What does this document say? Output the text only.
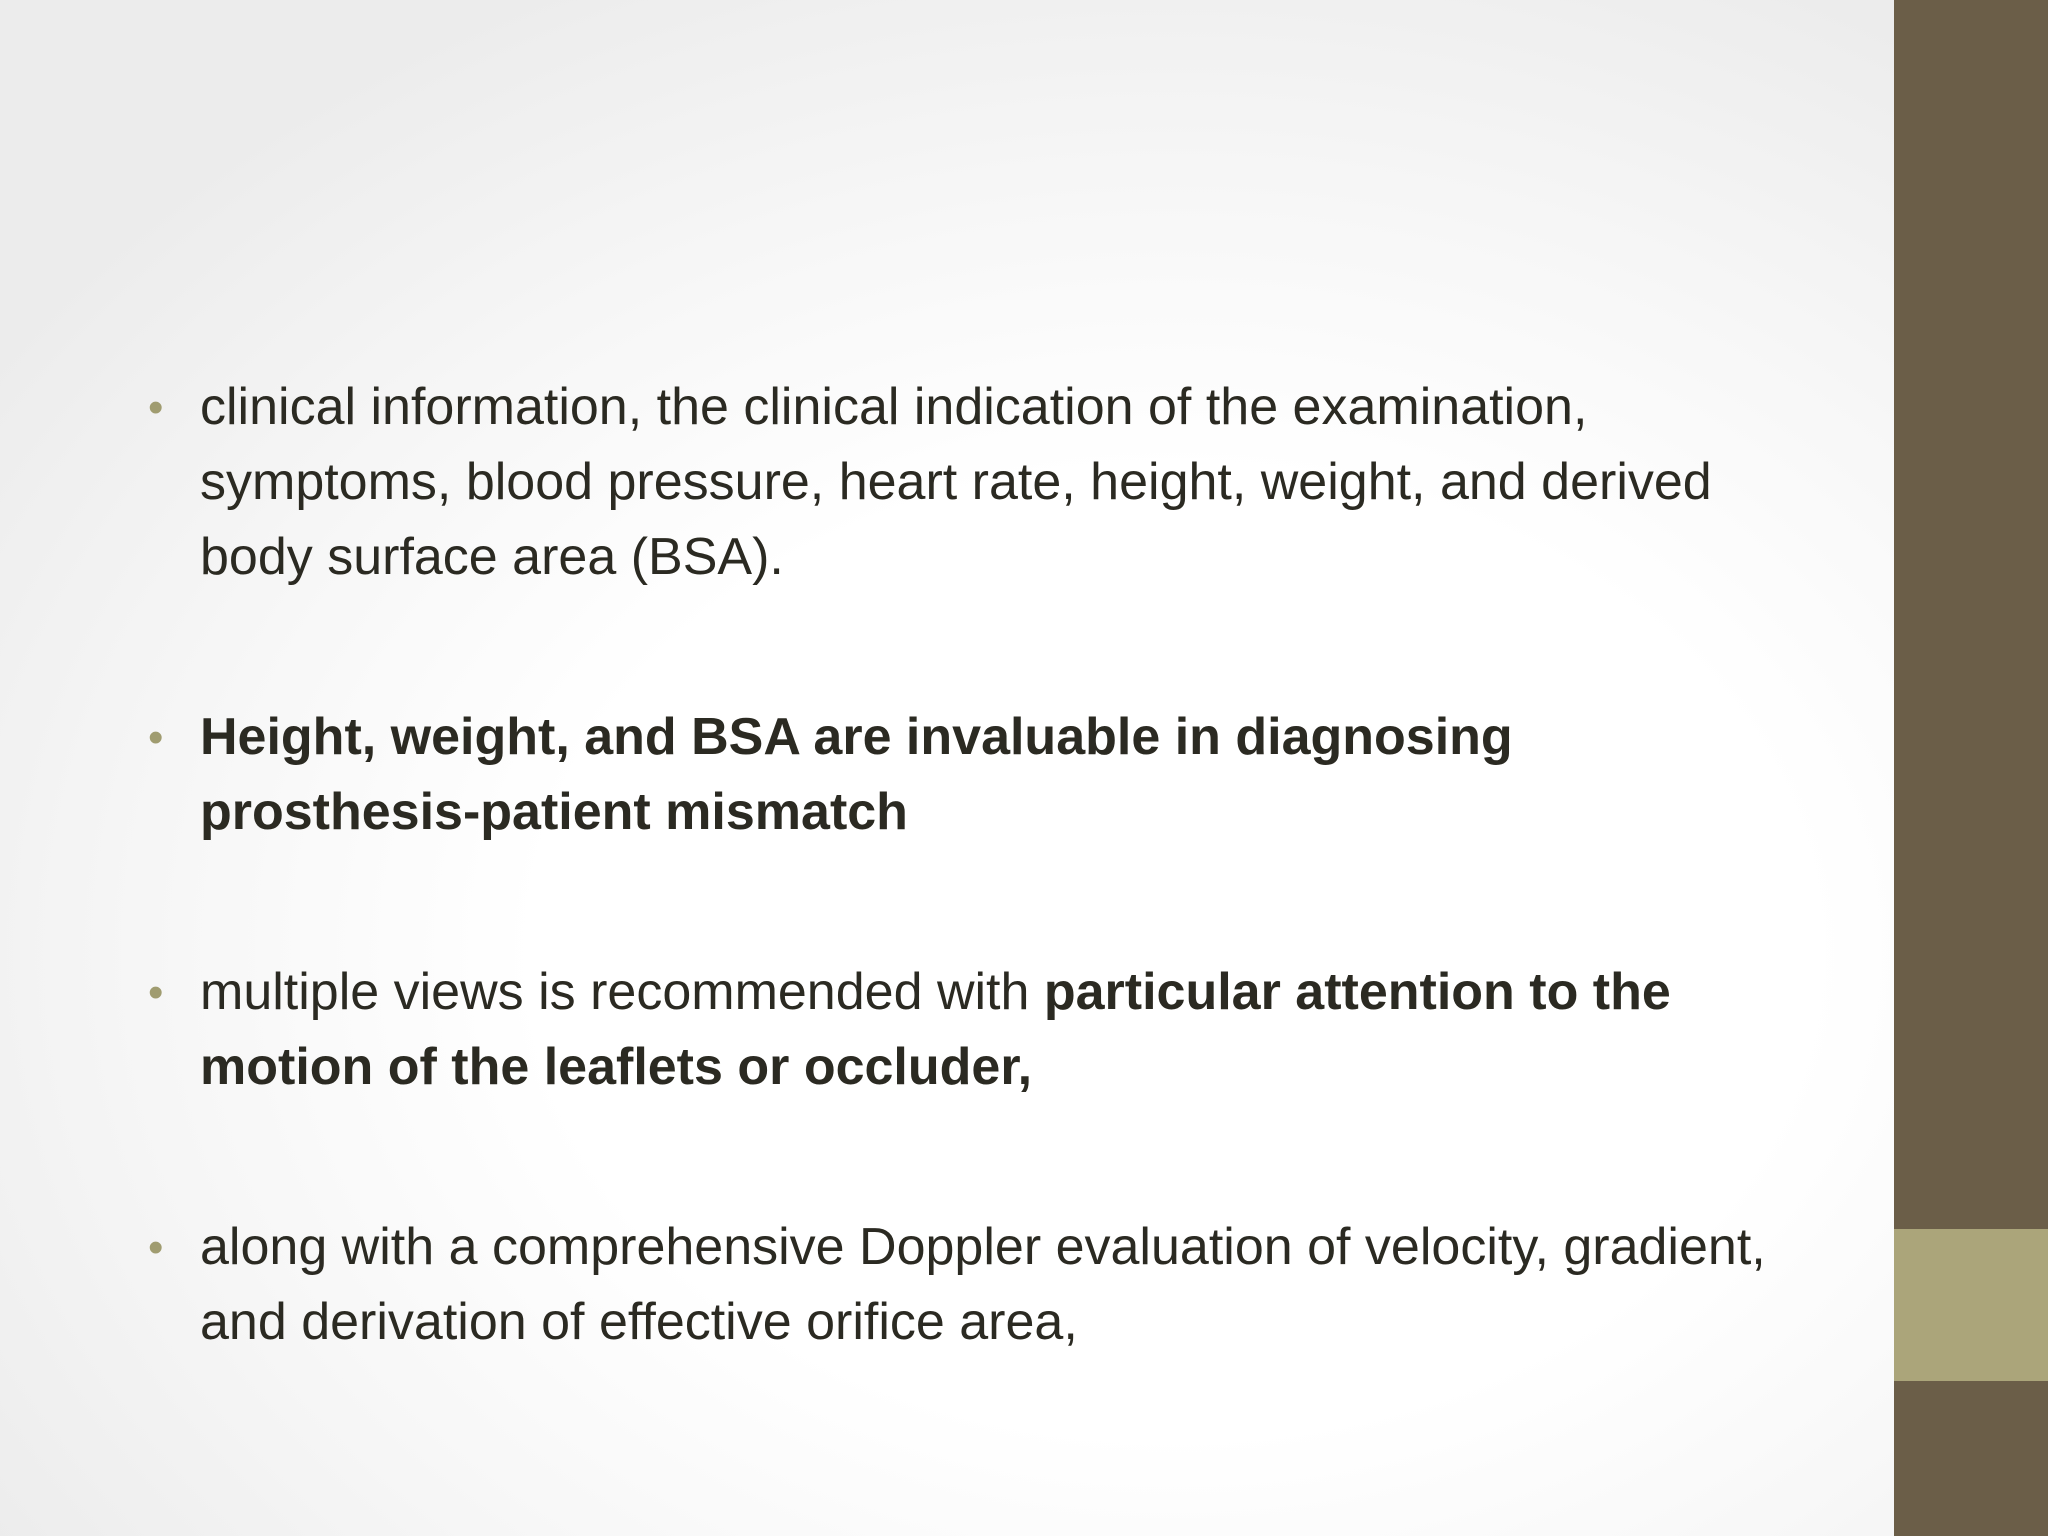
• clinical information, the clinical indication of the examination, symptoms, blood pressure, heart rate, height, weight, and derived body surface area (BSA).
• Height, weight, and BSA are invaluable in diagnosing prosthesis-patient mismatch
• multiple views is recommended with particular attention to the motion of the leaflets or occluder,
• along with a comprehensive Doppler evaluation of velocity, gradient, and derivation of effective orifice area,
